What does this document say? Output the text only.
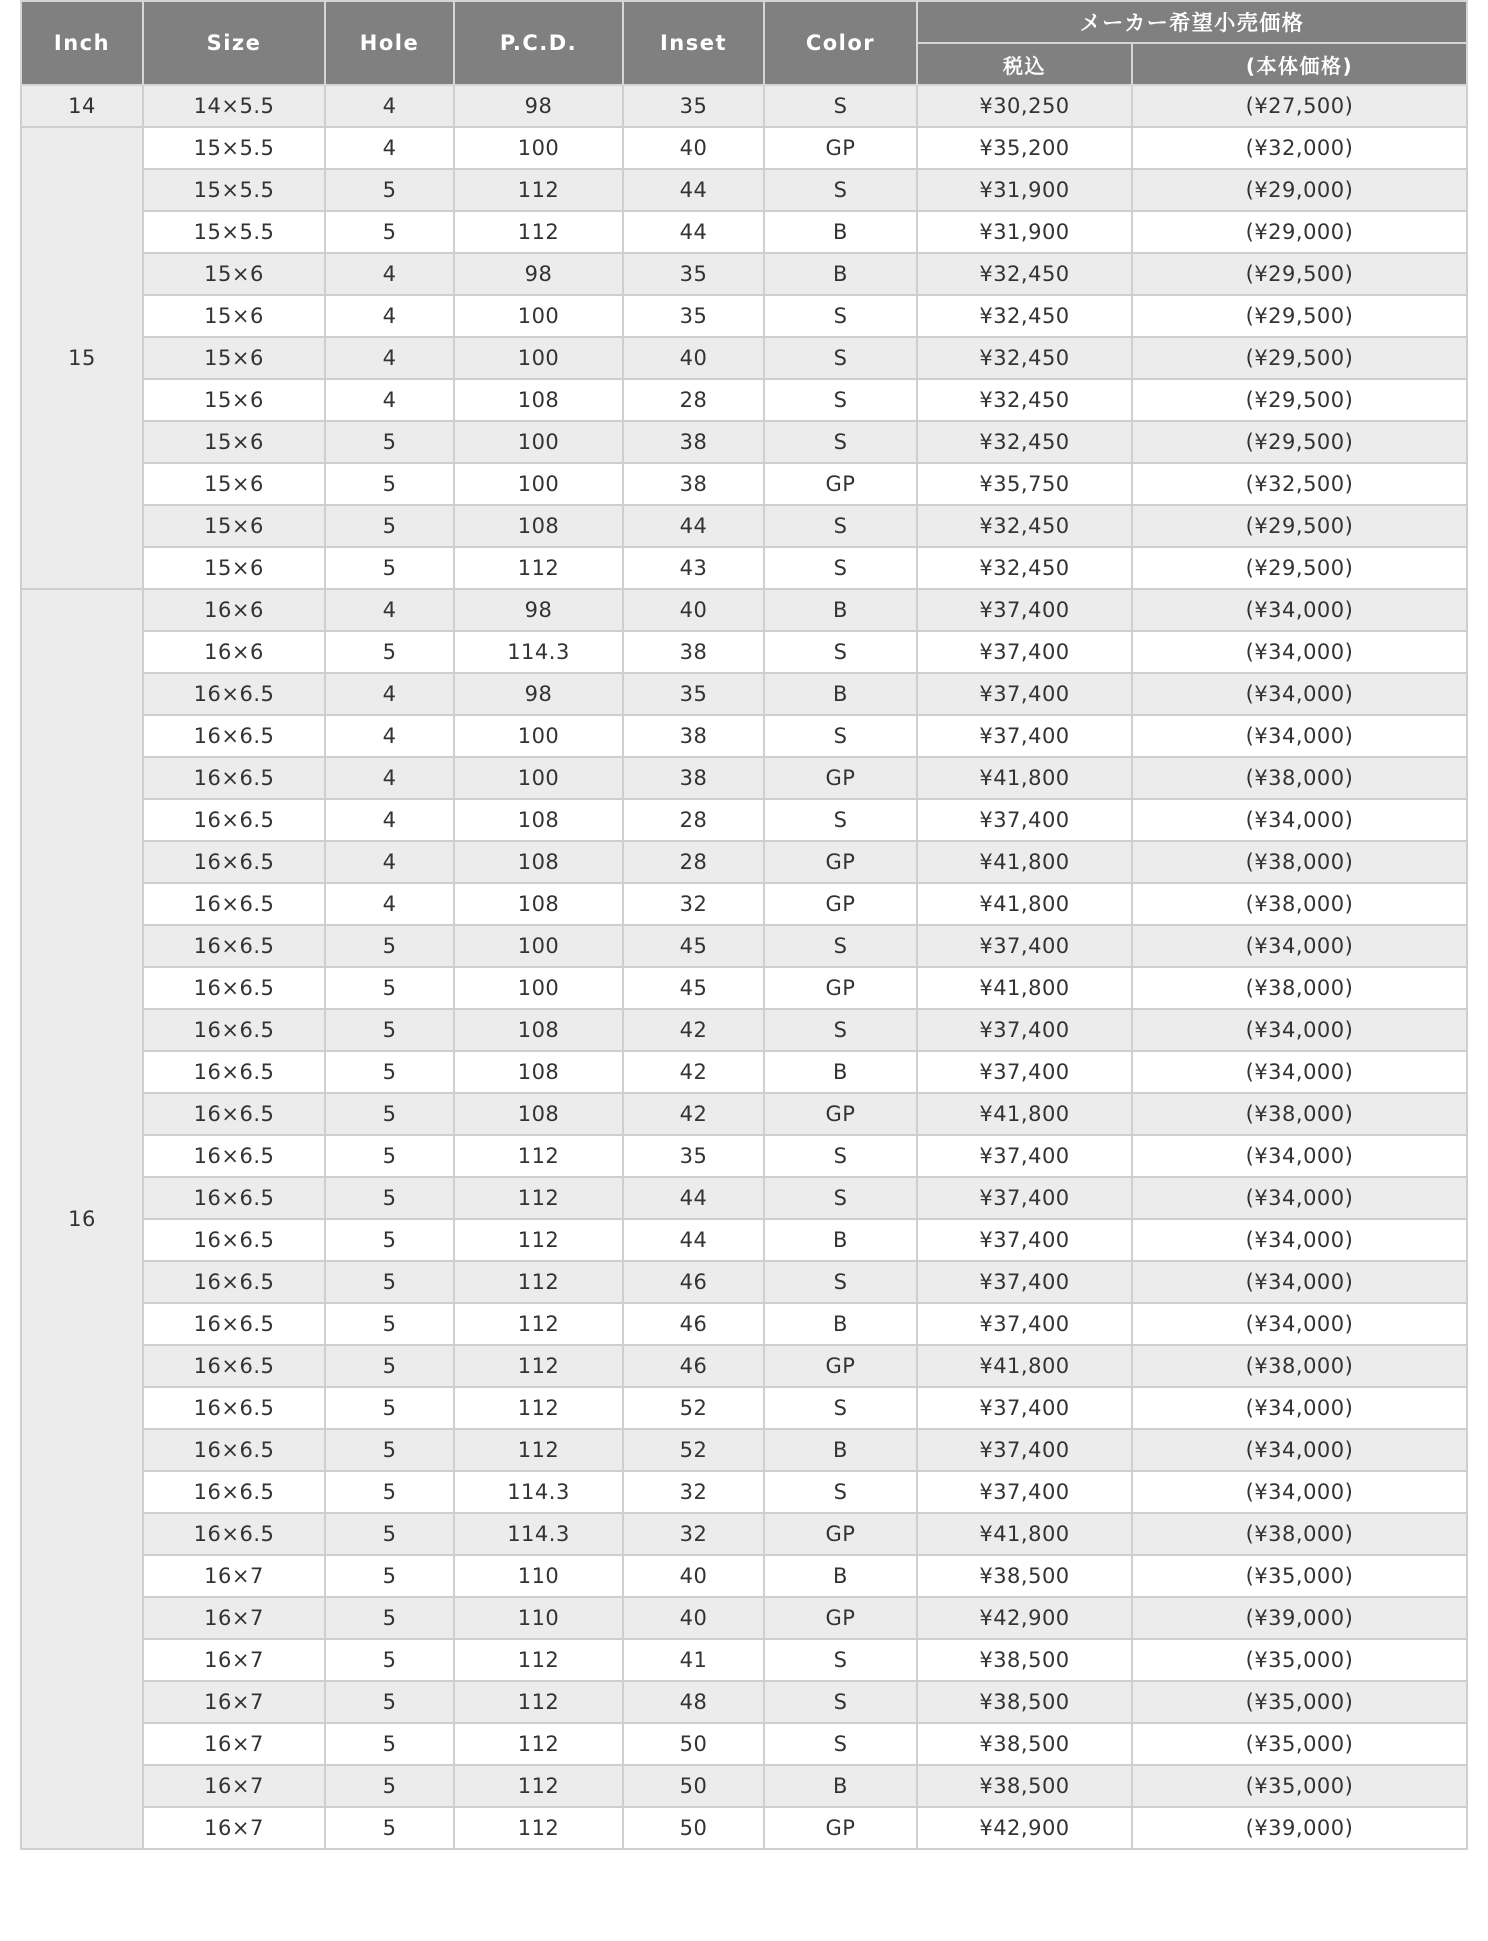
Inch	Size	Hole	P.C.D.	Inset	Color	メーカー希望小売価格	
						税込	(本体価格)
14	14×5.5	4	98	35	S	¥30,250	(¥27,500)
15	15×5.5	4	100	40	GP	¥35,200	(¥32,000)
	15×5.5	5	112	44	S	¥31,900	(¥29,000)
	15×5.5	5	112	44	B	¥31,900	(¥29,000)
	15×6	4	98	35	B	¥32,450	(¥29,500)
	15×6	4	100	35	S	¥32,450	(¥29,500)
	15×6	4	100	40	S	¥32,450	(¥29,500)
	15×6	4	108	28	S	¥32,450	(¥29,500)
	15×6	5	100	38	S	¥32,450	(¥29,500)
	15×6	5	100	38	GP	¥35,750	(¥32,500)
	15×6	5	108	44	S	¥32,450	(¥29,500)
	15×6	5	112	43	S	¥32,450	(¥29,500)
16	16×6	4	98	40	B	¥37,400	(¥34,000)
	16×6	5	114.3	38	S	¥37,400	(¥34,000)
	16×6.5	4	98	35	B	¥37,400	(¥34,000)
	16×6.5	4	100	38	S	¥37,400	(¥34,000)
	16×6.5	4	100	38	GP	¥41,800	(¥38,000)
	16×6.5	4	108	28	S	¥37,400	(¥34,000)
	16×6.5	4	108	28	GP	¥41,800	(¥38,000)
	16×6.5	4	108	32	GP	¥41,800	(¥38,000)
	16×6.5	5	100	45	S	¥37,400	(¥34,000)
	16×6.5	5	100	45	GP	¥41,800	(¥38,000)
	16×6.5	5	108	42	S	¥37,400	(¥34,000)
	16×6.5	5	108	42	B	¥37,400	(¥34,000)
	16×6.5	5	108	42	GP	¥41,800	(¥38,000)
	16×6.5	5	112	35	S	¥37,400	(¥34,000)
	16×6.5	5	112	44	S	¥37,400	(¥34,000)
	16×6.5	5	112	44	B	¥37,400	(¥34,000)
	16×6.5	5	112	46	S	¥37,400	(¥34,000)
	16×6.5	5	112	46	B	¥37,400	(¥34,000)
	16×6.5	5	112	46	GP	¥41,800	(¥38,000)
	16×6.5	5	112	52	S	¥37,400	(¥34,000)
	16×6.5	5	112	52	B	¥37,400	(¥34,000)
	16×6.5	5	114.3	32	S	¥37,400	(¥34,000)
	16×6.5	5	114.3	32	GP	¥41,800	(¥38,000)
	16×7	5	110	40	B	¥38,500	(¥35,000)
	16×7	5	110	40	GP	¥42,900	(¥39,000)
	16×7	5	112	41	S	¥38,500	(¥35,000)
	16×7	5	112	48	S	¥38,500	(¥35,000)
	16×7	5	112	50	S	¥38,500	(¥35,000)
	16×7	5	112	50	B	¥38,500	(¥35,000)
	16×7	5	112	50	GP	¥42,900	(¥39,000)
